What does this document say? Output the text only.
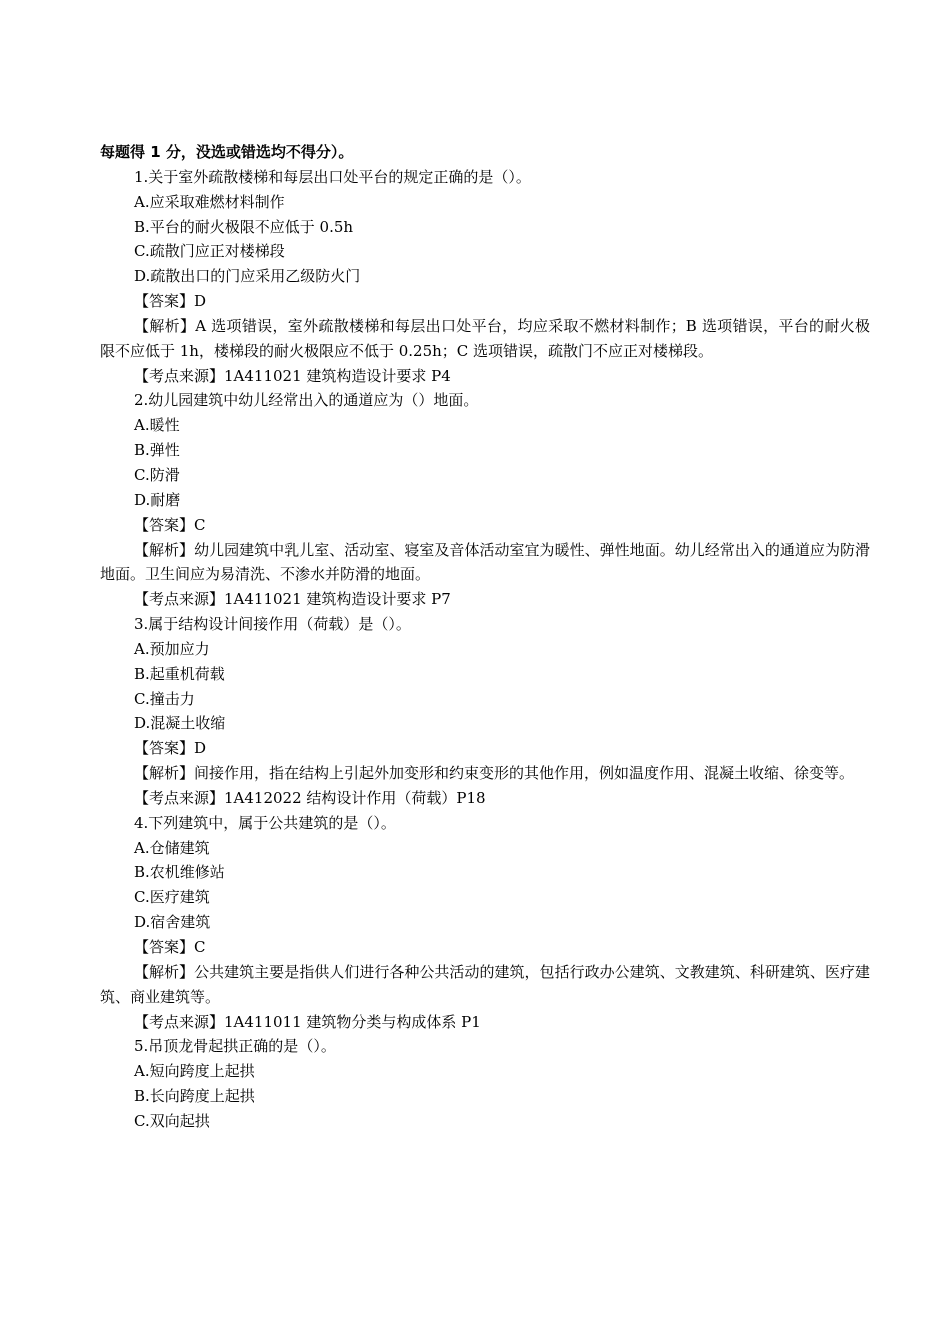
每题得 1 分，没选或错选均不得分）。
1.关于室外疏散楼梯和每层出口处平台的规定正确的是（）。
A.应采取难燃材料制作
B.平台的耐火极限不应低于 0.5h
C.疏散门应正对楼梯段
D.疏散出口的门应采用乙级防火门
【答案】D
【解析】A 选项错误，室外疏散楼梯和每层出口处平台，均应采取不燃材料制作；B 选项错误，平台的耐火极限不应低于 1h，楼梯段的耐火极限应不低于 0.25h；C 选项错误，疏散门不应正对楼梯段。
【考点来源】1A411021 建筑构造设计要求 P4
2.幼儿园建筑中幼儿经常出入的通道应为（）地面。
A.暖性
B.弹性
C.防滑
D.耐磨
【答案】C
【解析】幼儿园建筑中乳儿室、活动室、寝室及音体活动室宜为暖性、弹性地面。幼儿经常出入的通道应为防滑地面。卫生间应为易清洗、不渗水并防滑的地面。
【考点来源】1A411021 建筑构造设计要求 P7
3.属于结构设计间接作用（荷载）是（）。
A.预加应力
B.起重机荷载
C.撞击力
D.混凝土收缩
【答案】D
【解析】间接作用，指在结构上引起外加变形和约束变形的其他作用，例如温度作用、混凝土收缩、徐变等。
【考点来源】1A412022 结构设计作用（荷载）P18
4.下列建筑中，属于公共建筑的是（）。
A.仓储建筑
B.农机维修站
C.医疗建筑
D.宿舍建筑
【答案】C
【解析】公共建筑主要是指供人们进行各种公共活动的建筑，包括行政办公建筑、文教建筑、科研建筑、医疗建筑、商业建筑等。
【考点来源】1A411011 建筑物分类与构成体系 P1
5.吊顶龙骨起拱正确的是（）。
A.短向跨度上起拱
B.长向跨度上起拱
C.双向起拱
